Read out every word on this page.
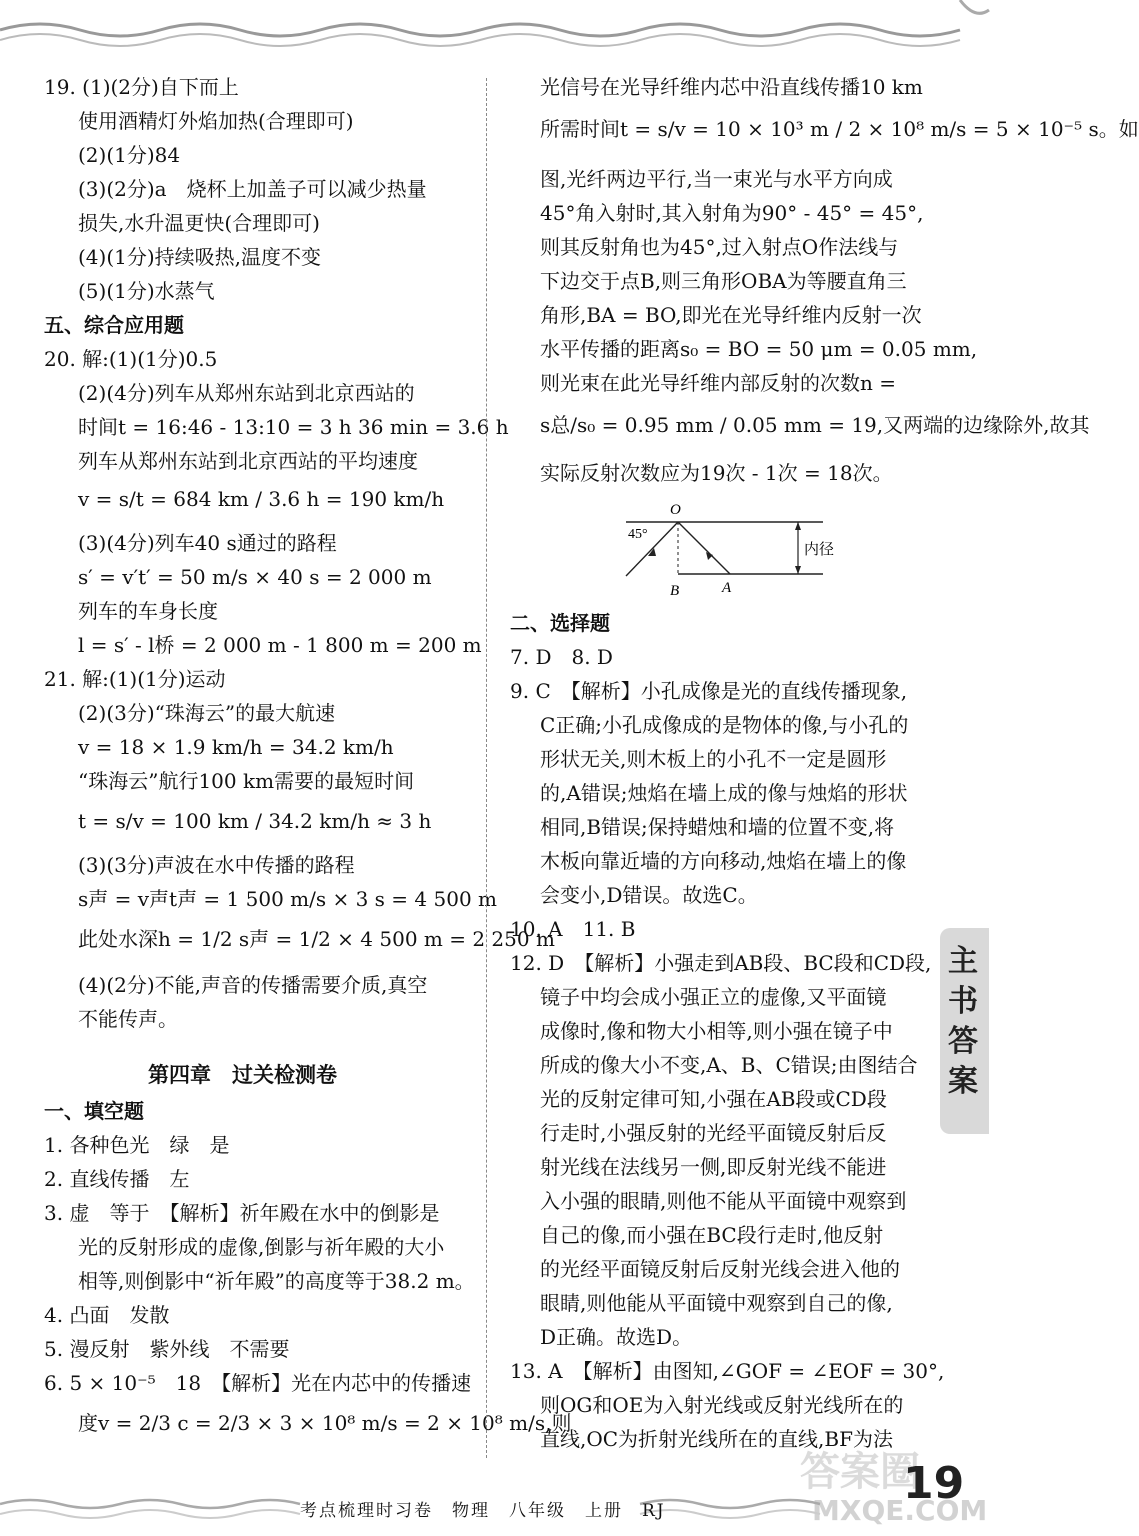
19. (1)(2分)自下而上
使用酒精灯外焰加热(合理即可)
(2)(1分)84
(3)(2分)a　烧杯上加盖子可以减少热量
损失,水升温更快(合理即可)
(4)(1分)持续吸热,温度不变
(5)(1分)水蒸气
五、综合应用题
20. 解:(1)(1分)0.5
(2)(4分)列车从郑州东站到北京西站的
时间t = 16:46 - 13:10 = 3 h 36 min = 3.6 h
列车从郑州东站到北京西站的平均速度
v = s/t = 684 km / 3.6 h = 190 km/h
(3)(4分)列车40 s通过的路程
s′ = v′t′ = 50 m/s × 40 s = 2 000 m
列车的车身长度
l = s′ - l桥 = 2 000 m - 1 800 m = 200 m
21. 解:(1)(1分)运动
(2)(3分)“珠海云”的最大航速
v = 18 × 1.9 km/h = 34.2 km/h
“珠海云”航行100 km需要的最短时间
t = s/v = 100 km / 34.2 km/h ≈ 3 h
(3)(3分)声波在水中传播的路程
s声 = v声t声 = 1 500 m/s × 3 s = 4 500 m
此处水深h = 1/2 s声 = 1/2 × 4 500 m = 2 250 m
(4)(2分)不能,声音的传播需要介质,真空
不能传声。
第四章　过关检测卷
一、填空题
1. 各种色光　绿　是
2. 直线传播　左
3. 虚　等于　【解析】祈年殿在水中的倒影是
光的反射形成的虚像,倒影与祈年殿的大小
相等,则倒影中“祈年殿”的高度等于38.2 m。
4. 凸面　发散
5. 漫反射　紫外线　不需要
6. 5 × 10⁻⁵　18　【解析】光在内芯中的传播速
度v = 2/3 c = 2/3 × 3 × 10⁸ m/s = 2 × 10⁸ m/s,则
光信号在光导纤维内芯中沿直线传播10 km
所需时间t = s/v = 10 × 10³ m / 2 × 10⁸ m/s = 5 × 10⁻⁵ s。如
图,光纤两边平行,当一束光与水平方向成
45°角入射时,其入射角为90° - 45° = 45°,
则其反射角也为45°,过入射点O作法线与
下边交于点B,则三角形OBA为等腰直角三
角形,BA = BO,即光在光导纤维内反射一次
水平传播的距离s₀ = BO = 50 μm = 0.05 mm,
则光束在此光导纤维内部反射的次数n =
s总/s₀ = 0.95 mm / 0.05 mm = 19,又两端的边缘除外,故其
实际反射次数应为19次 - 1次 = 18次。
二、选择题
7. D　8. D
9. C　【解析】小孔成像是光的直线传播现象,
C正确;小孔成像成的是物体的像,与小孔的
形状无关,则木板上的小孔不一定是圆形
的,A错误;烛焰在墙上成的像与烛焰的形状
相同,B错误;保持蜡烛和墙的位置不变,将
木板向靠近墙的方向移动,烛焰在墙上的像
会变小,D错误。故选C。
10. A　11. B
12. D　【解析】小强走到AB段、BC段和CD段,
镜子中均会成小强正立的虚像,又平面镜
成像时,像和物大小相等,则小强在镜子中
所成的像大小不变,A、B、C错误;由图结合
光的反射定律可知,小强在AB段或CD段
行走时,小强反射的光经平面镜反射后反
射光线在法线另一侧,即反射光线不能进
入小强的眼睛,则他不能从平面镜中观察到
自己的像,而小强在BC段行走时,他反射
的光经平面镜反射后反射光线会进入他的
眼睛,则他能从平面镜中观察到自己的像,
D正确。故选D。
13. A　【解析】由图知,∠GOF = ∠EOF = 30°,
则OG和OE为入射光线或反射光线所在的
直线,OC为折射光线所在的直线,BF为法
O
45°
B	A
内径
主书答案
答案圈
MXQE.COM
19
考点梳理时习卷　物理　八年级　上册　RJ
